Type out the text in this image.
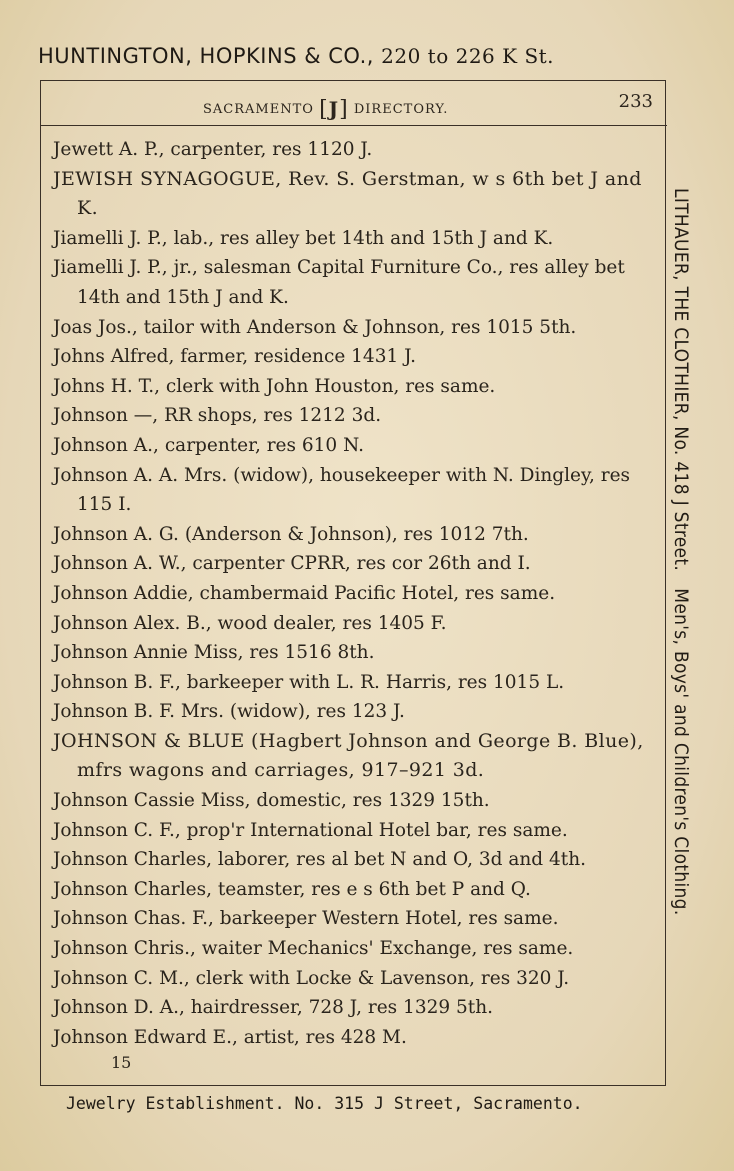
HUNTINGTON, HOPKINS & CO., 220 to 226 K St.
SACRAMENTO [J] DIRECTORY.	233
Jewett A. P., carpenter, res 1120 J.
JEWISH SYNAGOGUE, Rev. S. Gerstman, w s 6th bet J and K.
Jiamelli J. P., lab., res alley bet 14th and 15th J and K.
Jiamelli J. P., jr., salesman Capital Furniture Co., res alley bet 14th and 15th J and K.
Joas Jos., tailor with Anderson & Johnson, res 1015 5th.
Johns Alfred, farmer, residence 1431 J.
Johns H. T., clerk with John Houston, res same.
Johnson —, RR shops, res 1212 3d.
Johnson A., carpenter, res 610 N.
Johnson A. A. Mrs. (widow), housekeeper with N. Dingley, res 115 I.
Johnson A. G. (Anderson & Johnson), res 1012 7th.
Johnson A. W., carpenter CPRR, res cor 26th and I.
Johnson Addie, chambermaid Pacific Hotel, res same.
Johnson Alex. B., wood dealer, res 1405 F.
Johnson Annie Miss, res 1516 8th.
Johnson B. F., barkeeper with L. R. Harris, res 1015 L.
Johnson B. F. Mrs. (widow), res 123 J.
JOHNSON & BLUE (Hagbert Johnson and George B. Blue), mfrs wagons and carriages, 917–921 3d.
Johnson Cassie Miss, domestic, res 1329 15th.
Johnson C. F., prop'r International Hotel bar, res same.
Johnson Charles, laborer, res al bet N and O, 3d and 4th.
Johnson Charles, teamster, res e s 6th bet P and Q.
Johnson Chas. F., barkeeper Western Hotel, res same.
Johnson Chris., waiter Mechanics' Exchange, res same.
Johnson C. M., clerk with Locke & Lavenson, res 320 J.
Johnson D. A., hairdresser, 728 J, res 1329 5th.
Johnson Edward E., artist, res 428 M.
15
LITHAUER, THE CLOTHIER, No. 418 J Street.   Men's, Boys' and Children's Clothing.
Jewelry Establishment. No. 315 J Street, Sacramento.
